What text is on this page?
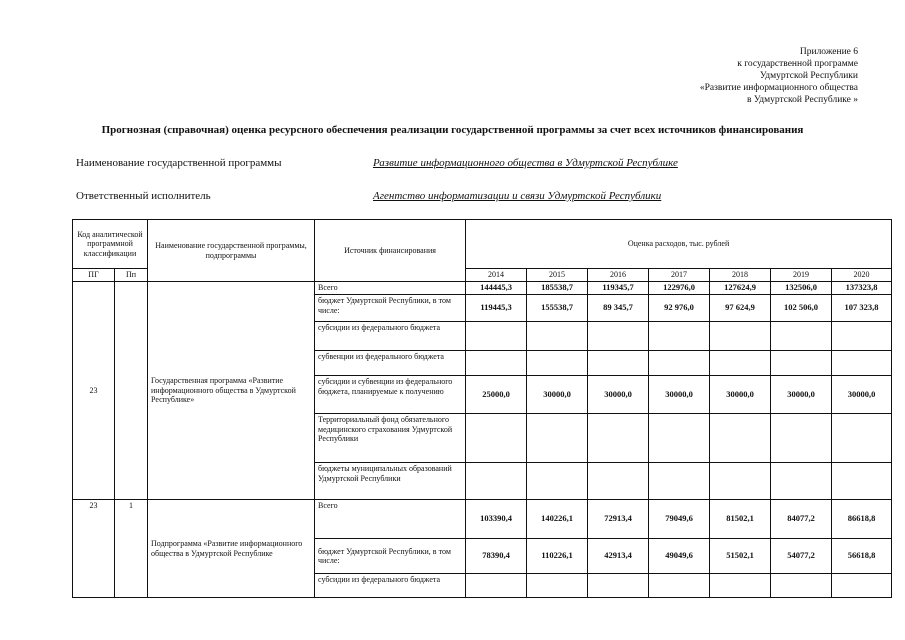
Приложение 6
к государственной программе
Удмуртской Республики
«Развитие информационного общества
в Удмуртской Республике »
Прогнозная (справочная) оценка ресурсного обеспечения реализации государственной программы за счет всех источников финансирования
Наименование государственной программы	Развитие информационного общества в Удмуртской Республике
Ответственный исполнитель	Агентство информатизации и связи Удмуртской Республики
Код аналитической программной классификации		Наименование государственной программы, подпрограммы	Источник финансирования	Оценка расходов, тыс. рублей						
ПГ	Пп			2014	2015	2016	2017	2018	2019	2020
23		Государственная программа «Развитие информационного общества в Удмуртской Республике»	Всего	144445,3	185538,7	119345,7	122976,0	127624,9	132506,0	137323,8
			бюджет Удмуртской Республики, в том числе:	119445,3	155538,7	89 345,7	92 976,0	97 624,9	102 506,0	107 323,8
			субсидии из федерального бюджета							
			субвенции из федерального бюджета							
			субсидии и субвенции из федерального бюджета, планируемые к получению	25000,0	30000,0	30000,0	30000,0	30000,0	30000,0	30000,0
			Территориальный фонд обязательного медицинского страхования Удмуртской Республики							
			бюджеты муниципальных образований Удмуртской Республики							
23	1	Подпрограмма «Развитие информационного общества в Удмуртской Республике	Всего	103390,4	140226,1	72913,4	79049,6	81502,1	84077,2	86618,8
			бюджет Удмуртской Республики, в том числе:	78390,4	110226,1	42913,4	49049,6	51502,1	54077,2	56618,8
			субсидии из федерального бюджета							
